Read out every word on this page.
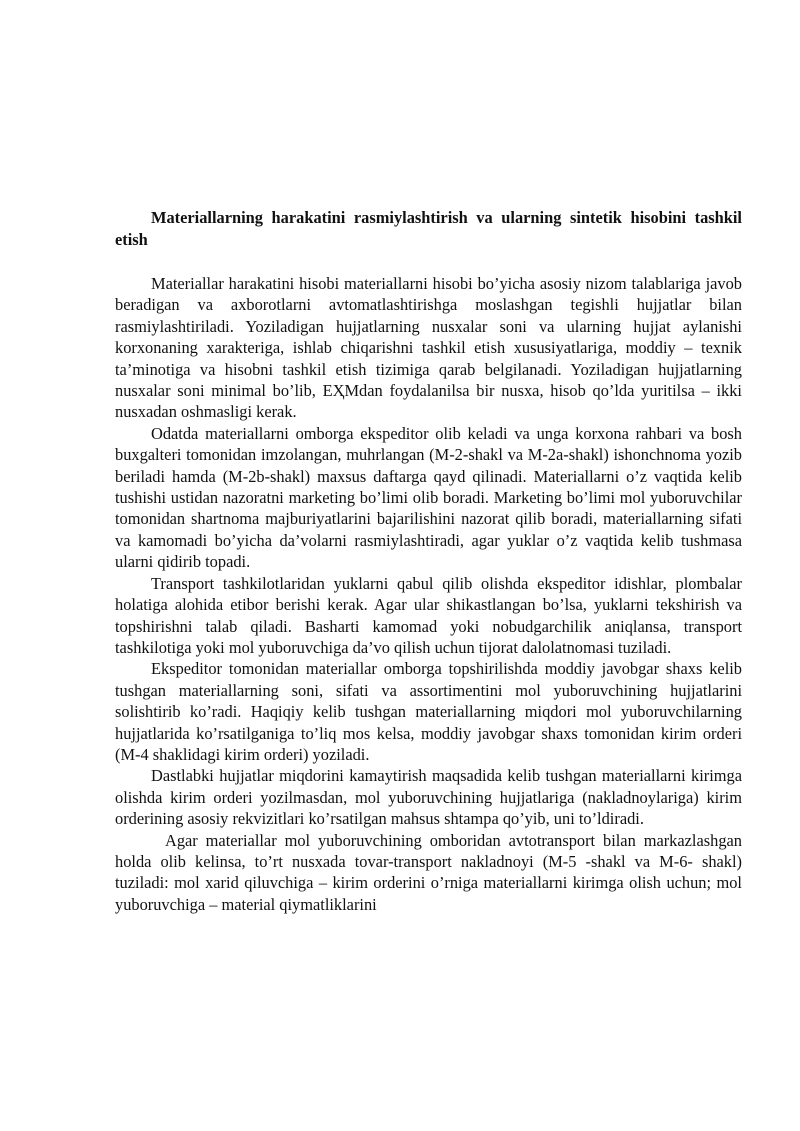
Materiallarning harakatini rasmiylashtirish va ularning sintetik hisobini tashkil etish

Materiallar harakatini hisobi materiallarni hisobi bo’yicha asosiy nizom talablariga javob beradigan va axborotlarni avtomatlashtirishga moslashgan tegishli hujjatlar bilan rasmiylashtiriladi. Yoziladigan hujjatlarning nusxalar soni va ularning hujjat aylanishi korxonaning xarakteriga, ishlab chiqarishni tashkil etish xususiyatlariga, moddiy – texnik ta’minotiga va hisobni tashkil etish tizimiga qarab belgilanadi. Yoziladigan hujjatlarning nusxalar soni minimal bo’lib, EҲMdan foydalanilsa bir nusxa, hisob qo’lda yuritilsa – ikki nusxadan oshmasligi kerak.

Odatda materiallarni omborga ekspeditor olib keladi va unga korxona rahbari va bosh buxgalteri tomonidan imzolangan, muhrlangan (M-2-shakl va M-2a-shakl) ishonchnoma yozib beriladi hamda (M-2b-shakl) maxsus daftarga qayd qilinadi. Materiallarni o’z vaqtida kelib tushishi ustidan nazoratni marketing bo’limi olib boradi. Marketing bo’limi mol yuboruvchilar tomonidan shartnoma majburiyatlarini bajarilishini nazorat qilib boradi, materiallarning sifati va kamomadi bo’yicha da’volarni rasmiylashtiradi, agar yuklar o’z vaqtida kelib tushmasa ularni qidirib topadi.

Transport tashkilotlaridan yuklarni qabul qilib olishda ekspeditor idishlar, plombalar holatiga alohida etibor berishi kerak. Agar ular shikastlangan bo’lsa, yuklarni tekshirish va topshirishni talab qiladi. Basharti kamomad yoki nobudgarchilik aniqlansa, transport tashkilotiga yoki mol yuboruvchiga da’vo qilish uchun tijorat dalolatnomasi tuziladi.

Ekspeditor tomonidan materiallar omborga topshirilishda moddiy javobgar shaxs kelib tushgan materiallarning soni, sifati va assortimentini mol yuboruvchining hujjatlarini solishtirib ko’radi. Haqiqiy kelib tushgan materiallarning miqdori mol yuboruvchilarning hujjatlarida ko’rsatilganiga to’liq mos kelsa, moddiy javobgar shaxs tomonidan kirim orderi (M-4 shaklidagi kirim orderi) yoziladi.

Dastlabki hujjatlar miqdorini kamaytirish maqsadida kelib tushgan materiallarni kirimga olishda kirim orderi yozilmasdan, mol yuboruvchining hujjatlariga (nakladnoylariga) kirim orderining asosiy rekvizitlari ko’rsatilgan mahsus shtampa qo’yib, uni to’ldiradi.

Agar materiallar mol yuboruvchining omboridan avtotransport bilan markazlashgan holda olib kelinsa, to’rt nusxada tovar-transport nakladnoyi (M-5 -shakl va M-6- shakl) tuziladi: mol xarid qiluvchiga – kirim orderini o’rniga materiallarni kirimga olish uchun; mol yuboruvchiga – material qiymatliklarini
